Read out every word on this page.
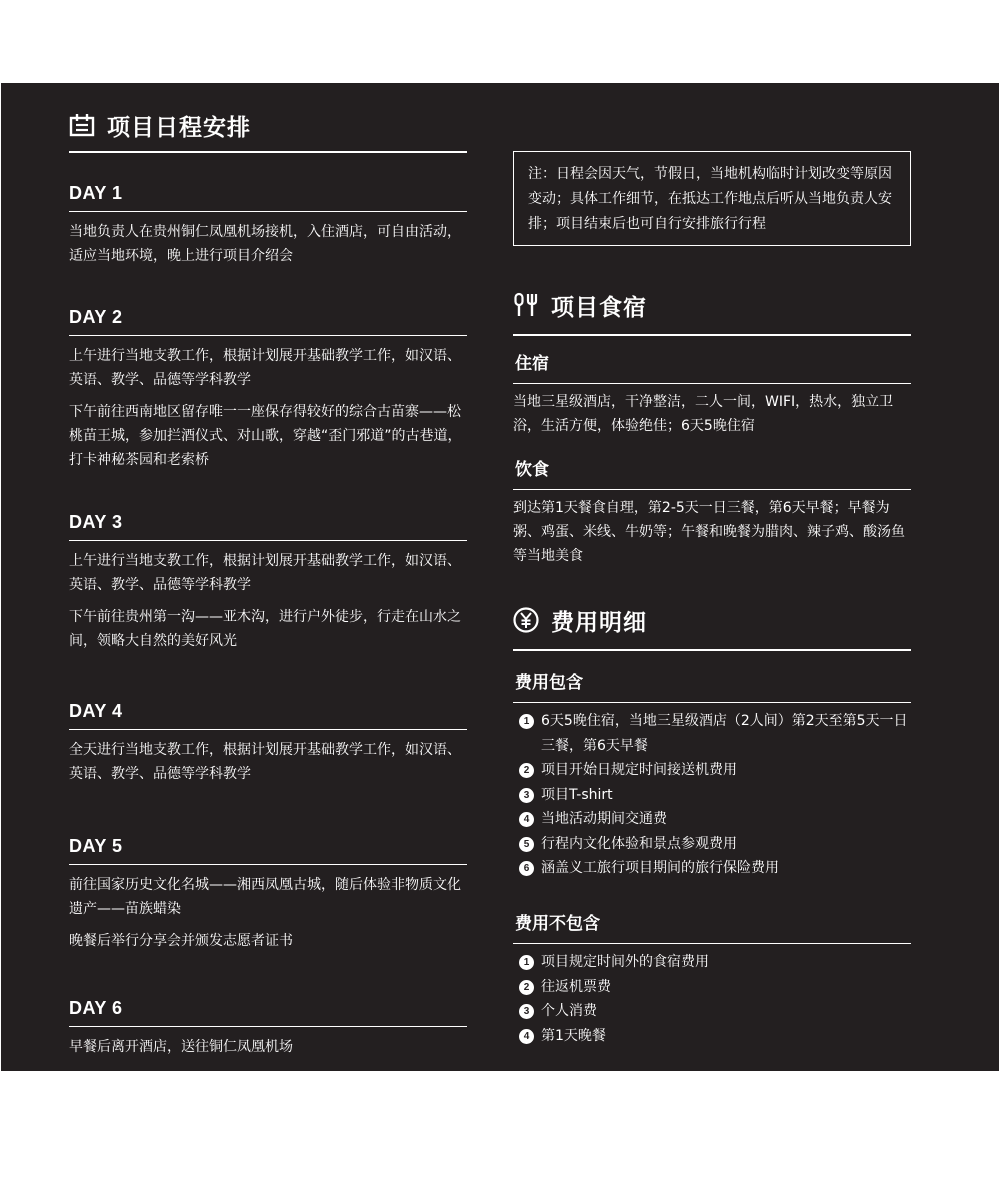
项目日程安排
DAY 1

当地负责人在贵州铜仁凤凰机场接机，入住酒店，可自由活动，适应当地环境，晚上进行项目介绍会

DAY 2

上午进行当地支教工作，根据计划展开基础教学工作，如汉语、英语、教学、品德等学科教学

下午前往西南地区留存唯一一座保存得较好的综合古苗寨——松桃苗王城，参加拦酒仪式、对山歌，穿越“歪门邪道”的古巷道，打卡神秘茶园和老索桥

DAY 3

上午进行当地支教工作，根据计划展开基础教学工作，如汉语、英语、教学、品德等学科教学

下午前往贵州第一沟——亚木沟，进行户外徒步，行走在山水之间，领略大自然的美好风光

DAY 4

全天进行当地支教工作，根据计划展开基础教学工作，如汉语、英语、教学、品德等学科教学

DAY 5

前往国家历史文化名城——湘西凤凰古城，随后体验非物质文化遗产——苗族蜡染

晚餐后举行分享会并颁发志愿者证书

DAY 6

早餐后离开酒店，送往铜仁凤凰机场

注：日程会因天气，节假日，当地机构临时计划改变等原因变动；具体工作细节，在抵达工作地点后听从当地负责人安排；项目结束后也可自行安排旅行行程
项目食宿
住宿

当地三星级酒店，干净整洁，二人一间，WIFI，热水，独立卫浴，生活方便，体验绝佳；6天5晚住宿

饮食

到达第1天餐食自理，第2-5天一日三餐，第6天早餐；早餐为粥、鸡蛋、米线、牛奶等；午餐和晚餐为腊肉、辣子鸡、酸汤鱼等当地美食

费用明细
费用包含
1 6天5晚住宿，当地三星级酒店（2人间）第2天至第5天一日三餐，第6天早餐
2 项目开始日规定时间接送机费用
3 项目T-shirt
4 当地活动期间交通费
5 行程内文化体验和景点参观费用
6 涵盖义工旅行项目期间的旅行保险费用
费用不包含
1 项目规定时间外的食宿费用
2 往返机票费
3 个人消费
4 第1天晚餐
